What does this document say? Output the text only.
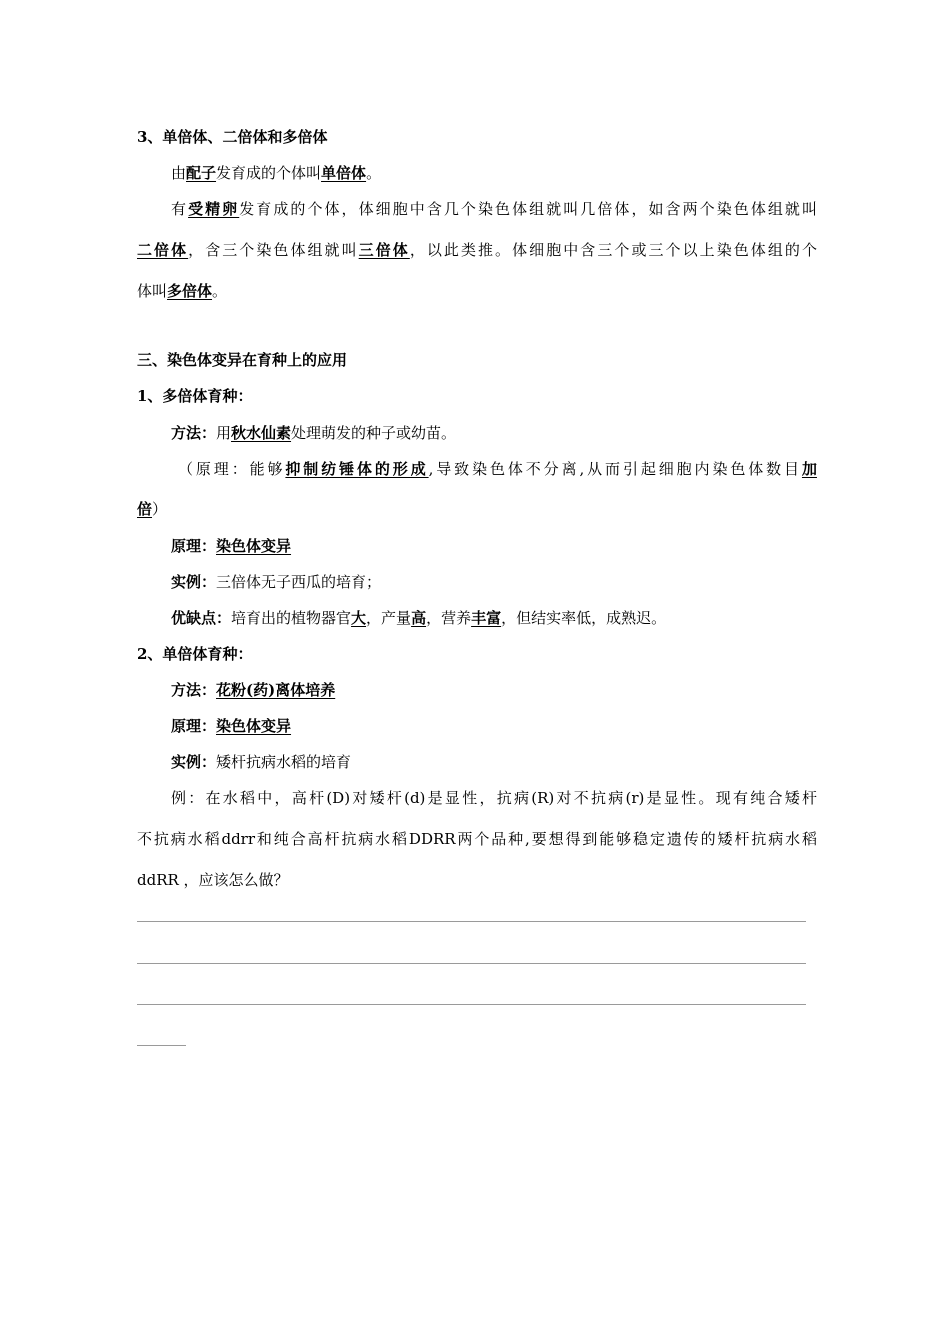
3、单倍体、二倍体和多倍体
由配子发育成的个体叫单倍体。
有受精卵发育成的个体，体细胞中含几个染色体组就叫几倍体，如含两个染色体组就叫
二倍体，含三个染色体组就叫三倍体，以此类推。体细胞中含三个或三个以上染色体组的个
体叫多倍体。
三、染色体变异在育种上的应用
1、多倍体育种：
方法：用秋水仙素处理萌发的种子或幼苗。
（原理：能够抑制纺锤体的形成,导致染色体不分离,从而引起细胞内染色体数目加
倍）
原理：染色体变异
实例：三倍体无子西瓜的培育；
优缺点：培育出的植物器官大，产量高，营养丰富，但结实率低，成熟迟。
2、单倍体育种：
方法：花粉(药)离体培养
原理：染色体变异
实例：矮杆抗病水稻的培育
例：在水稻中，高杆(D)对矮杆(d)是显性，抗病(R)对不抗病(r)是显性。现有纯合矮杆
不抗病水稻ddrr和纯合高杆抗病水稻DDRR两个品种,要想得到能够稳定遗传的矮杆抗病水稻
ddRR ，应该怎么做？
